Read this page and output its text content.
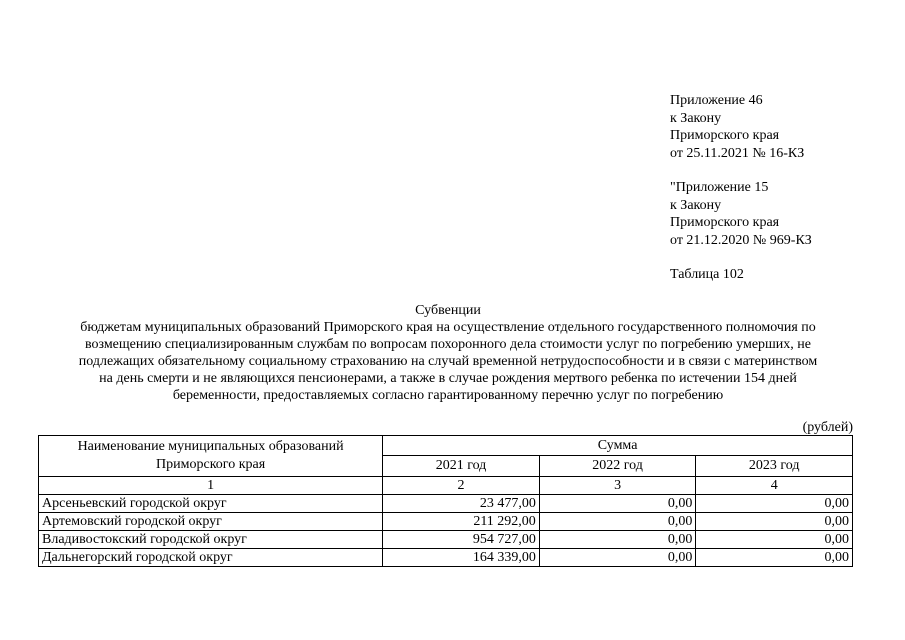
Приложение 46
к Закону
Приморского края
от 25.11.2021 № 16-КЗ
"Приложение 15
к Закону
Приморского края
от 21.12.2020 № 969-КЗ
Таблица 102
Субвенции
бюджетам муниципальных образований Приморского края на осуществление отдельного государственного полномочия по
возмещению специализированным службам по вопросам похоронного дела стоимости услуг по погребению умерших, не
подлежащих обязательному социальному страхованию на случай временной нетрудоспособности и в связи с материнством
на день смерти и не являющихся пенсионерами, а также в случае рождения мертвого ребенка по истечении 154 дней
беременности, предоставляемых согласно гарантированному перечню услуг по погребению
(рублей)
Наименование муниципальных образований
Приморского края	Сумма		
	2021 год	2022 год	2023 год
1	2	3	4
Арсеньевский городской округ	23 477,00	0,00	0,00
Артемовский городской округ	211 292,00	0,00	0,00
Владивостокский городской округ	954 727,00	0,00	0,00
Дальнегорский городской округ	164 339,00	0,00	0,00
